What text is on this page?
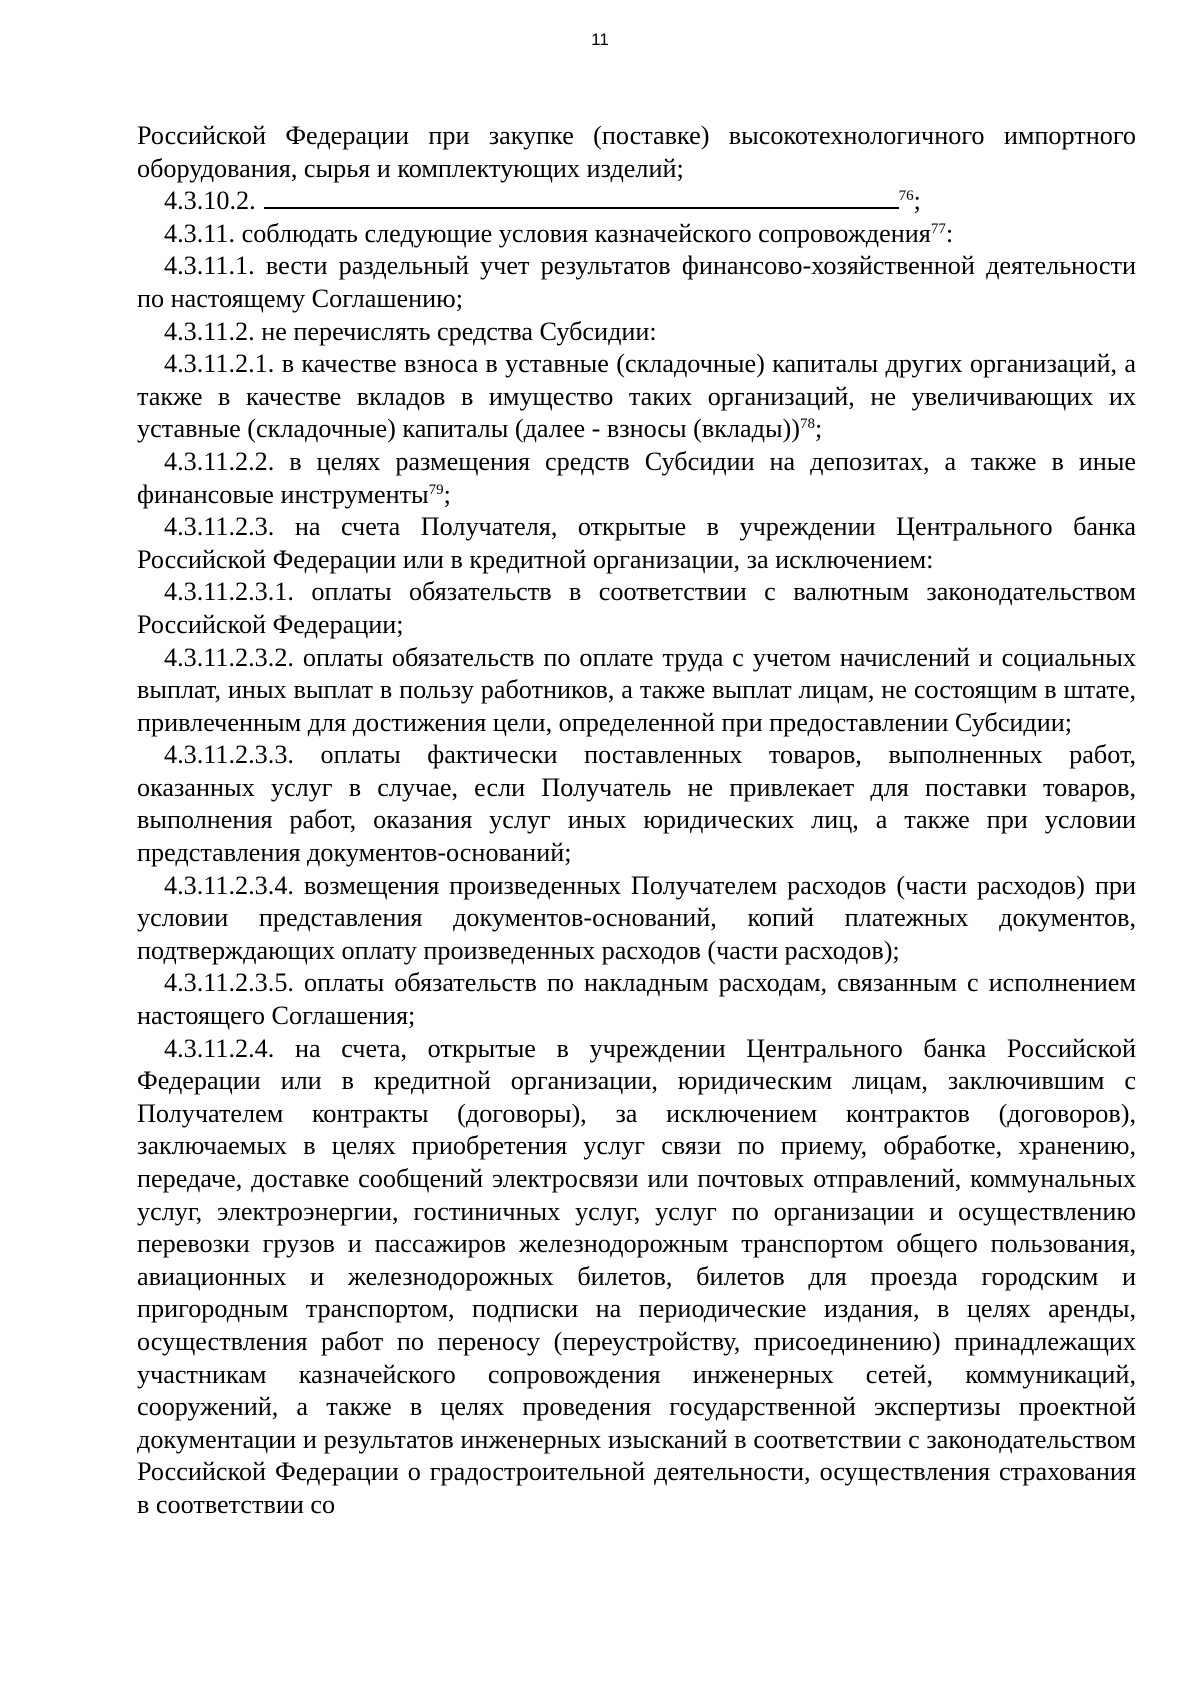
11

Российской Федерации при закупке (поставке) высокотехнологичного импортного оборудования, сырья и комплектующих изделий;

4.3.10.2.	$^{76}$;

4.3.11. соблюдать следующие условия казначейского сопровождения$^{77}$:

4.3.11.1. вести раздельный учет результатов финансово-хозяйственной деятельности по настоящему Соглашению;

4.3.11.2. не перечислять средства Субсидии:

4.3.11.2.1. в качестве взноса в уставные (складочные) капиталы других организаций, а также в качестве вкладов в имущество таких организаций, не увеличивающих их уставные (складочные) капиталы (далее - взносы (вклады))$^{78}$;

4.3.11.2.2. в целях размещения средств Субсидии на депозитах, а также в иные финансовые инструменты$^{79}$;

4.3.11.2.3. на счета Получателя, открытые в учреждении Центрального банка Российской Федерации или в кредитной организации, за исключением:

4.3.11.2.3.1. оплаты обязательств в соответствии с валютным законодательством Российской Федерации;

4.3.11.2.3.2. оплаты обязательств по оплате труда с учетом начислений и социальных выплат, иных выплат в пользу работников, а также выплат лицам, не состоящим в штате, привлеченным для достижения цели, определенной при предоставлении Субсидии;

4.3.11.2.3.3. оплаты фактически поставленных товаров, выполненных работ, оказанных услуг в случае, если Получатель не привлекает для поставки товаров, выполнения работ, оказания услуг иных юридических лиц, а также при условии представления документов-оснований;

4.3.11.2.3.4. возмещения произведенных Получателем расходов (части расходов) при условии представления документов-оснований, копий платежных документов, подтверждающих оплату произведенных расходов (части расходов);

4.3.11.2.3.5. оплаты обязательств по накладным расходам, связанным с исполнением настоящего Соглашения;

4.3.11.2.4. на счета, открытые в учреждении Центрального банка Российской Федерации или в кредитной организации, юридическим лицам, заключившим с Получателем контракты (договоры), за исключением контрактов (договоров), заключаемых в целях приобретения услуг связи по приему, обработке, хранению, передаче, доставке сообщений электросвязи или почтовых отправлений, коммунальных услуг, электроэнергии, гостиничных услуг, услуг по организации и осуществлению перевозки грузов и пассажиров железнодорожным транспортом общего пользования, авиационных и железнодорожных билетов, билетов для проезда городским и пригородным транспортом, подписки на периодические издания, в целях аренды, осуществления работ по переносу (переустройству, присоединению) принадлежащих участникам казначейского сопровождения инженерных сетей, коммуникаций, сооружений, а также в целях проведения государственной экспертизы проектной документации и результатов инженерных изысканий в соответствии с законодательством Российской Федерации о градостроительной деятельности, осуществления страхования в соответствии со
